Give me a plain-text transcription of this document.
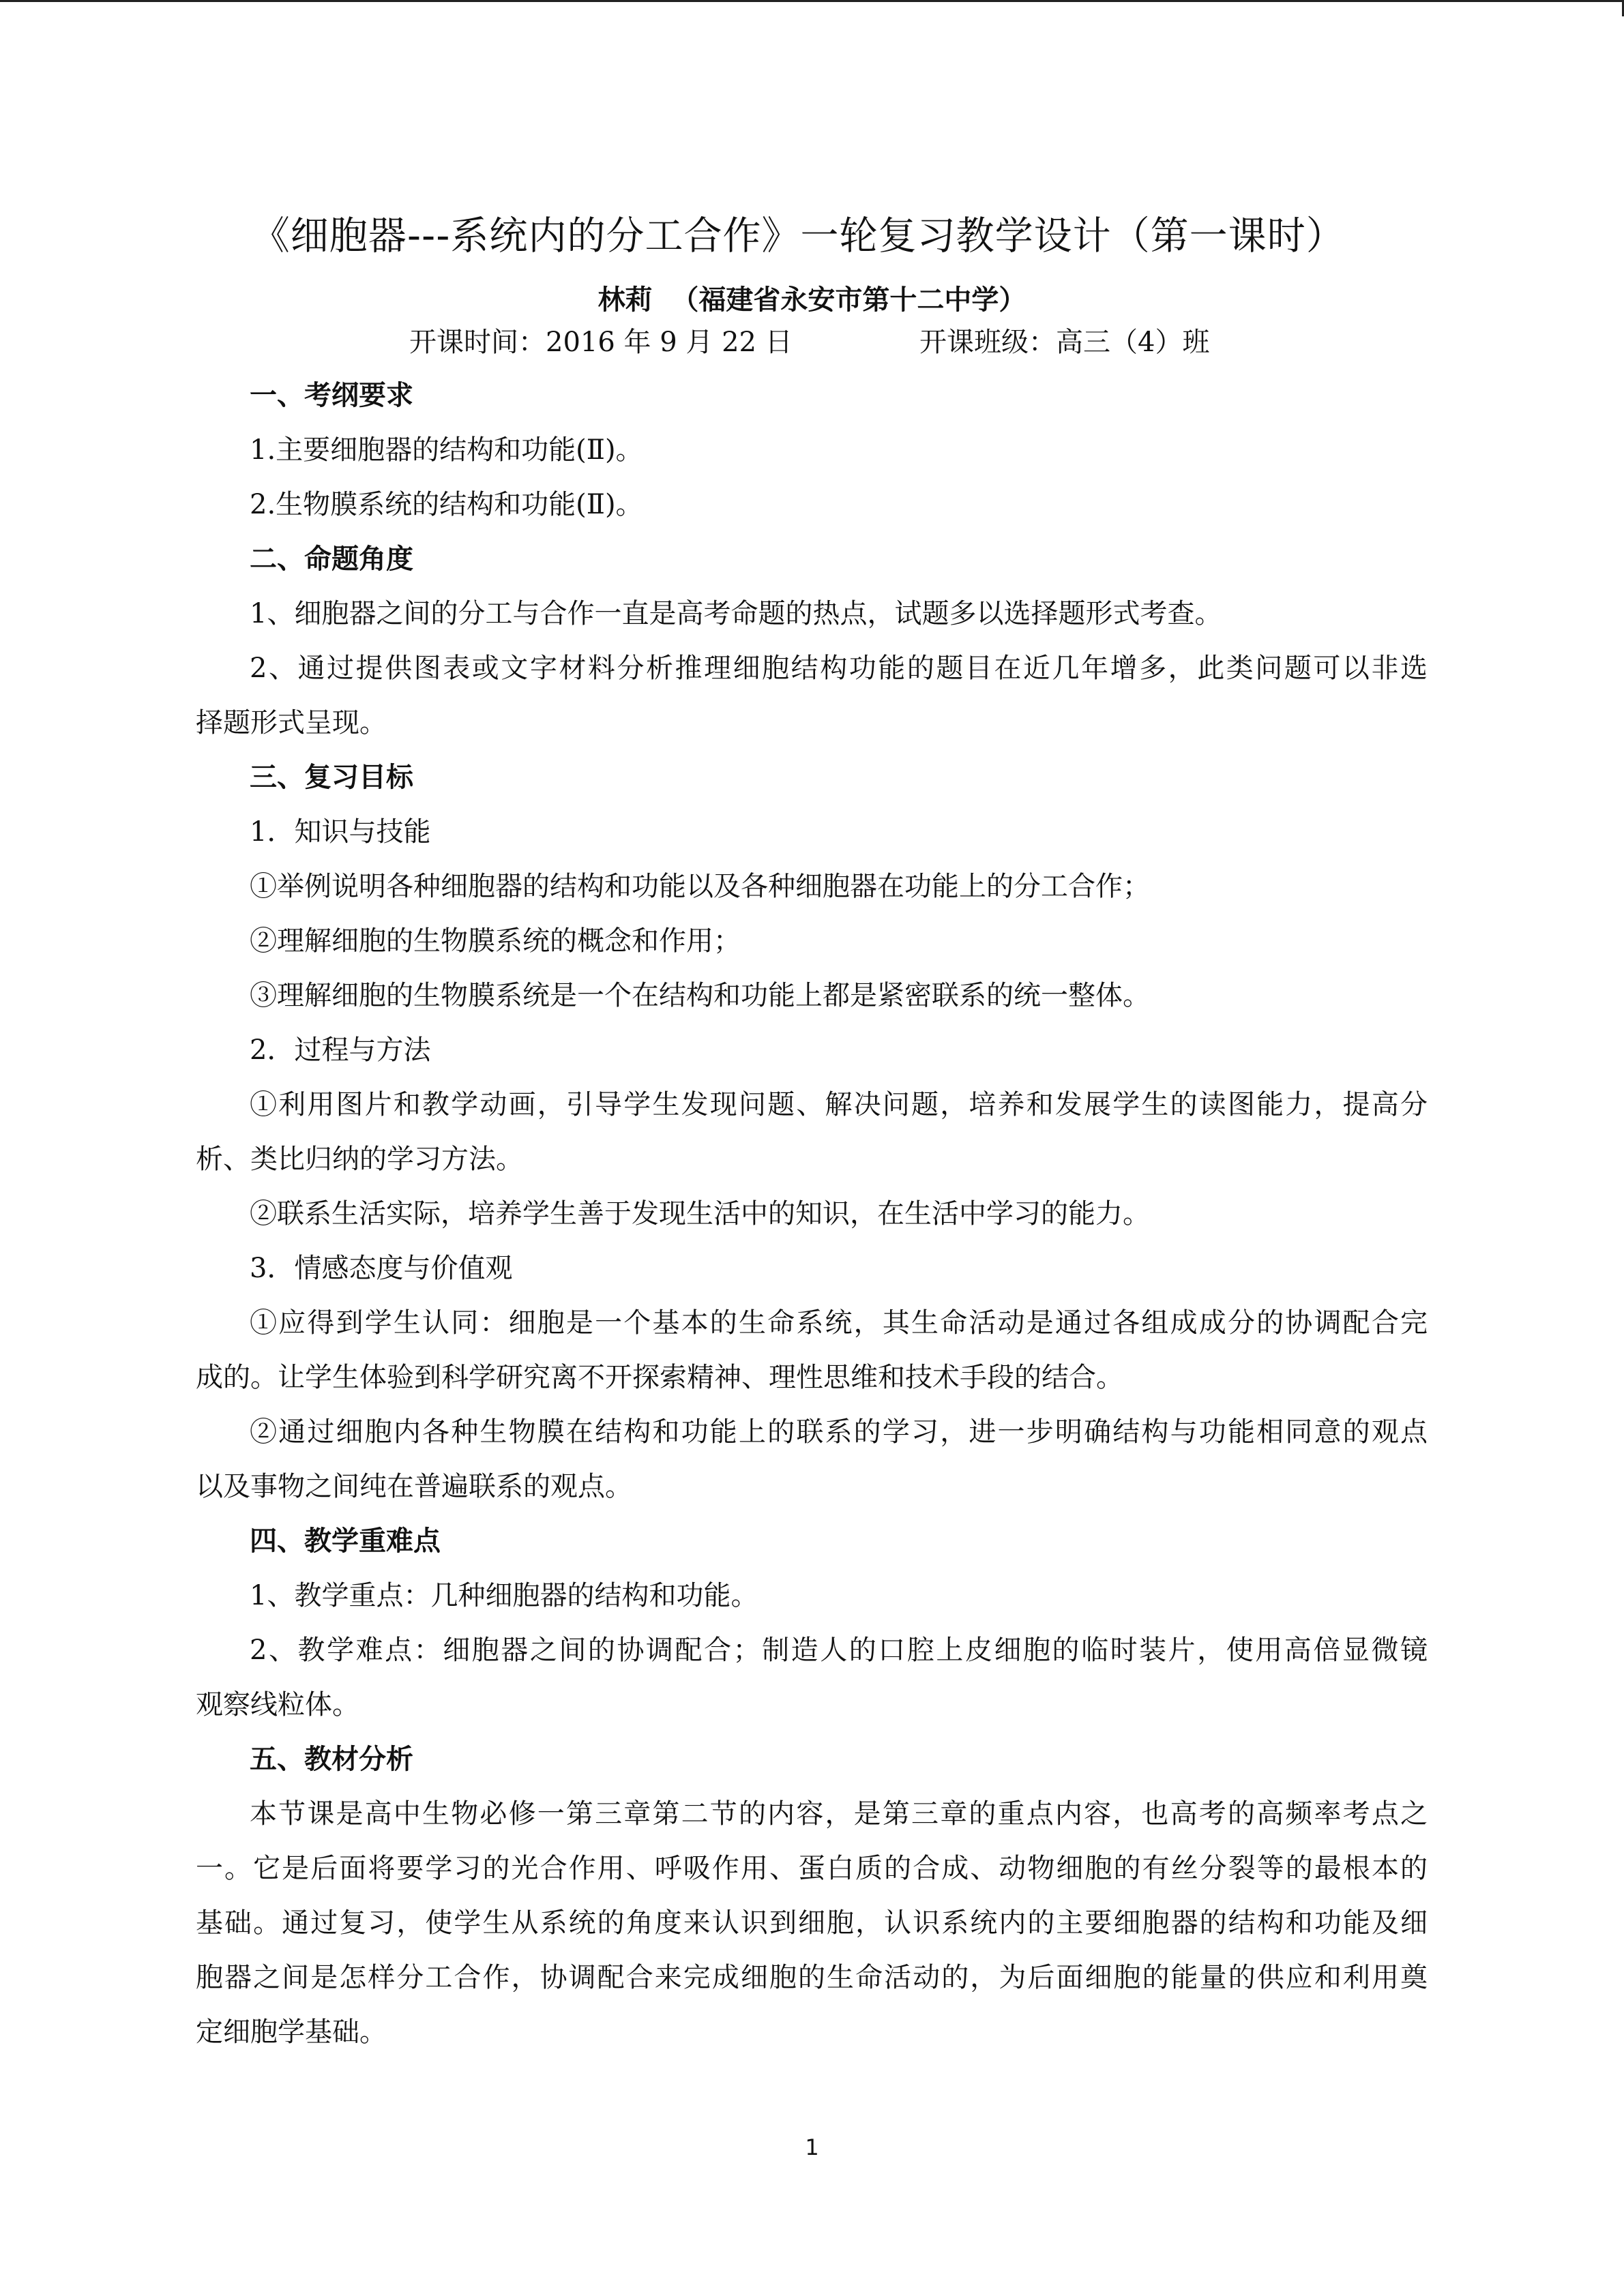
《细胞器---系统内的分工合作》一轮复习教学设计（第一课时）
林莉  （福建省永安市第十二中学）
开课时间：2016 年 9 月 22 日	开课班级：高三（4）班
一、考纲要求
1.主要细胞器的结构和功能(Ⅱ)。
2.生物膜系统的结构和功能(Ⅱ)。
二、命题角度
1、细胞器之间的分工与合作一直是高考命题的热点，试题多以选择题形式考查。
2、通过提供图表或文字材料分析推理细胞结构功能的题目在近几年增多，此类问题可以非选
择题形式呈现。
三、复习目标
1．知识与技能
①举例说明各种细胞器的结构和功能以及各种细胞器在功能上的分工合作；
②理解细胞的生物膜系统的概念和作用；
③理解细胞的生物膜系统是一个在结构和功能上都是紧密联系的统一整体。
2．过程与方法
①利用图片和教学动画，引导学生发现问题、解决问题，培养和发展学生的读图能力，提高分
析、类比归纳的学习方法。
②联系生活实际，培养学生善于发现生活中的知识，在生活中学习的能力。
3．情感态度与价值观
①应得到学生认同：细胞是一个基本的生命系统，其生命活动是通过各组成成分的协调配合完
成的。让学生体验到科学研究离不开探索精神、理性思维和技术手段的结合。
②通过细胞内各种生物膜在结构和功能上的联系的学习，进一步明确结构与功能相同意的观点
以及事物之间纯在普遍联系的观点。
四、教学重难点
1、教学重点：几种细胞器的结构和功能。
2、教学难点：细胞器之间的协调配合；制造人的口腔上皮细胞的临时装片，使用高倍显微镜
观察线粒体。
五、教材分析
本节课是高中生物必修一第三章第二节的内容，是第三章的重点内容，也高考的高频率考点之
一。它是后面将要学习的光合作用、呼吸作用、蛋白质的合成、动物细胞的有丝分裂等的最根本的
基础。通过复习，使学生从系统的角度来认识到细胞，认识系统内的主要细胞器的结构和功能及细
胞器之间是怎样分工合作，协调配合来完成细胞的生命活动的，为后面细胞的能量的供应和利用奠
定细胞学基础。
1
